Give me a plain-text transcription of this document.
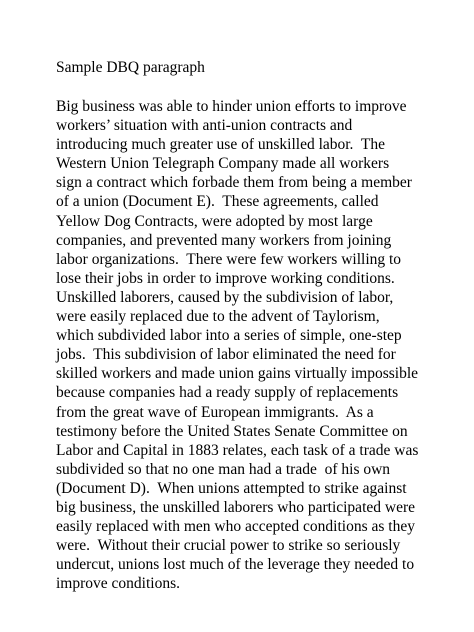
Sample DBQ paragraph
Big business was able to hinder union efforts to improve
workers’ situation with anti-union contracts and
introducing much greater use of unskilled labor.  The
Western Union Telegraph Company made all workers
sign a contract which forbade them from being a member
of a union (Document E).  These agreements, called
Yellow Dog Contracts, were adopted by most large
companies, and prevented many workers from joining
labor organizations.  There were few workers willing to
lose their jobs in order to improve working conditions.
Unskilled laborers, caused by the subdivision of labor,
were easily replaced due to the advent of Taylorism,
which subdivided labor into a series of simple, one-step
jobs.  This subdivision of labor eliminated the need for
skilled workers and made union gains virtually impossible
because companies had a ready supply of replacements
from the great wave of European immigrants.  As a
testimony before the United States Senate Committee on
Labor and Capital in 1883 relates, each task of a trade was
subdivided so that no one man had a trade  of his own
(Document D).  When unions attempted to strike against
big business, the unskilled laborers who participated were
easily replaced with men who accepted conditions as they
were.  Without their crucial power to strike so seriously
undercut, unions lost much of the leverage they needed to
improve conditions.
